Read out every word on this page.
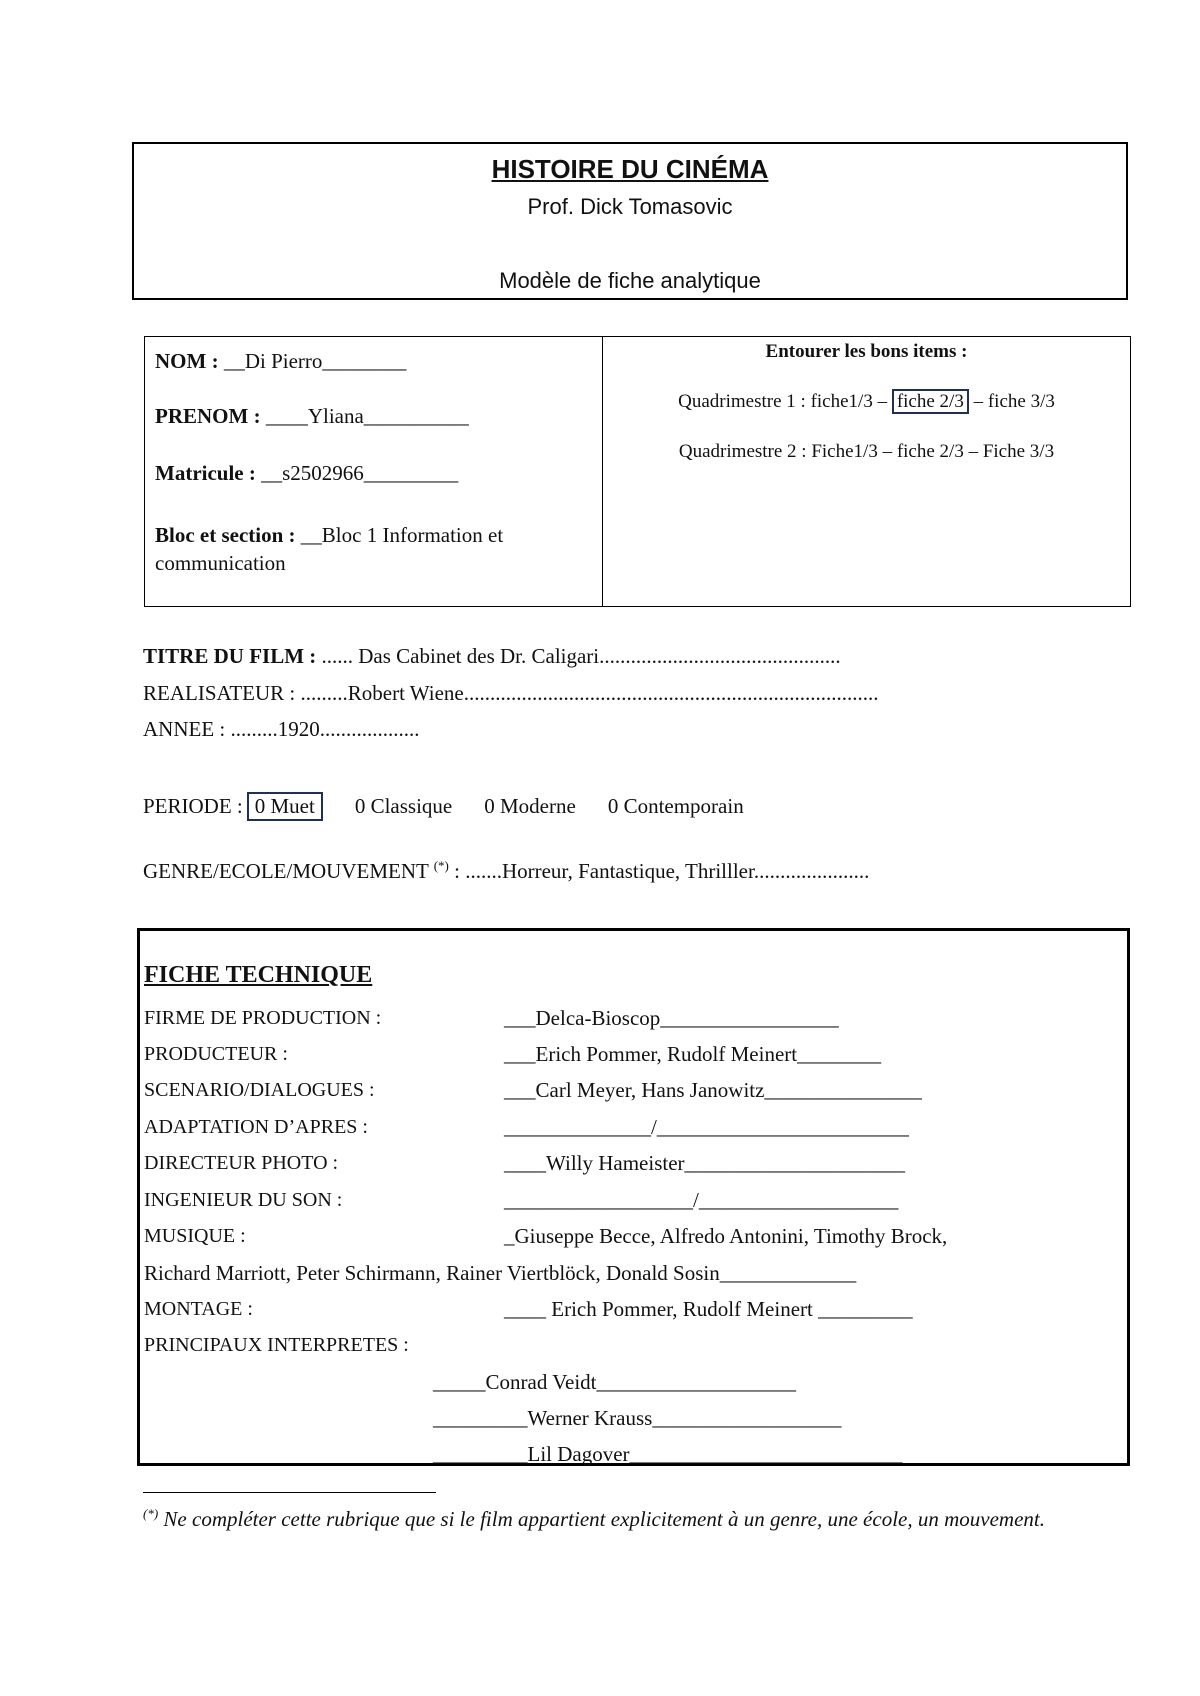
HISTOIRE DU CINÉMA
Prof. Dick Tomasovic
Modèle de fiche analytique
NOM : __Di Pierro________
PRENOM : ____Yliana__________
Matricule : __s2502966_________
Bloc et section : __Bloc 1 Information et communication
Entourer les bons items :
Quadrimestre 1 : fiche1/3 – fiche 2/3 – fiche 3/3
Quadrimestre 2 : Fiche1/3 – fiche 2/3 – Fiche 3/3
TITRE DU FILM : ...... Das Cabinet des Dr. Caligari..............................................
REALISATEUR : .........Robert Wiene...............................................................................
ANNEE : .........1920...................
PERIODE : 0 Muet	0 Classique 0 Moderne 0 Contemporain
GENRE/ECOLE/MOUVEMENT (*) : .......Horreur, Fantastique, Thrilller......................
FICHE TECHNIQUE
FIRME DE PRODUCTION :	___Delca-Bioscop_________________
PRODUCTEUR :	___Erich Pommer, Rudolf Meinert________
SCENARIO/DIALOGUES :	___Carl Meyer, Hans Janowitz_______________
ADAPTATION D’APRES :	______________/________________________
DIRECTEUR PHOTO :	____Willy Hameister_____________________
INGENIEUR DU SON :	__________________/___________________
MUSIQUE :	_Giuseppe Becce, Alfredo Antonini, Timothy Brock,
Richard Marriott, Peter Schirmann, Rainer Viertblöck, Donald Sosin_____________
MONTAGE :	____ Erich Pommer, Rudolf Meinert _________
PRINCIPAUX INTERPRETES :
_____Conrad Veidt___________________
_________Werner Krauss__________________
_________Lil Dagover__________________________
(*) Ne compléter cette rubrique que si le film appartient explicitement à un genre, une école, un mouvement.
